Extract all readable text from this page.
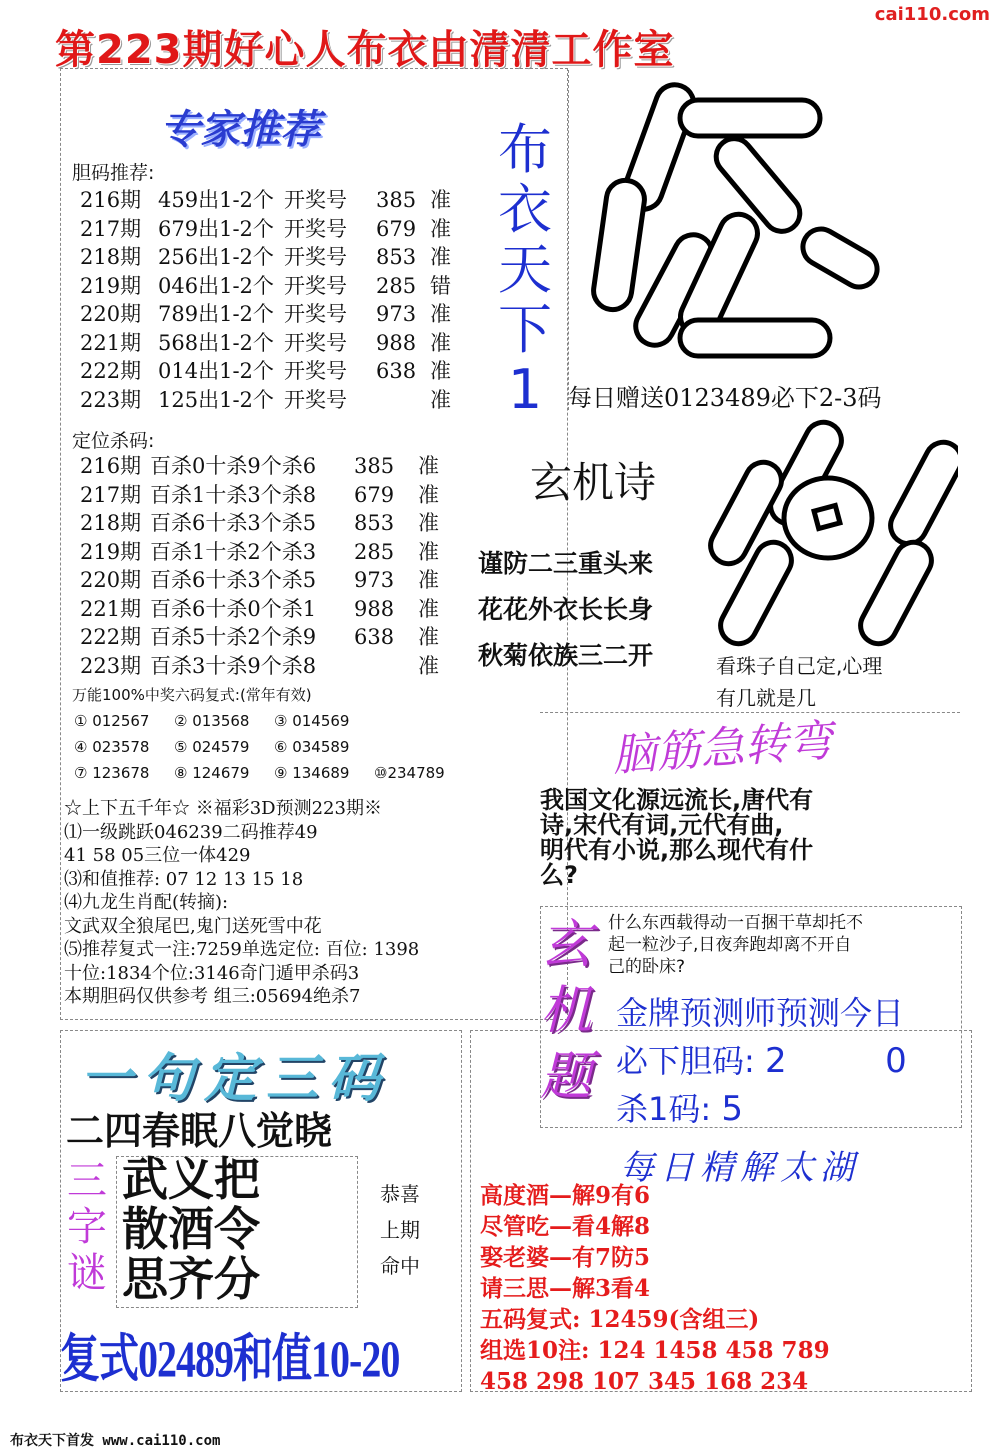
第223期好心人布衣由清清工作室
cai110.com
专家推荐
胆码推荐:
216期 459出1-2个 开奖号 385 准
217期 679出1-2个 开奖号 679 准
218期 256出1-2个 开奖号 853 准
219期 046出1-2个 开奖号 285 错
220期 789出1-2个 开奖号 973 准
221期 568出1-2个 开奖号 988 准
222期 014出1-2个 开奖号 638 准
223期 125出1-2个 开奖号	准
定位杀码:
216期 百杀0十杀9个杀6 385 准
217期 百杀1十杀3个杀8 679 准
218期 百杀6十杀3个杀5 853 准
219期 百杀1十杀2个杀3 285 准
220期 百杀6十杀3个杀5 973 准
221期 百杀6十杀0个杀1 988 准
222期 百杀5十杀2个杀9 638 准
223期 百杀3十杀9个杀8	准
万能100%中奖六码复式:(常年有效)
① 012567 ② 013568 ③ 014569
④ 023578 ⑤ 024579 ⑥ 034589
⑦ 123678 ⑧ 124679 ⑨ 134689 ⑩234789
☆上下五千年☆ ※福彩3D预测223期※
⑴一级跳跃046239二码推荐49
41 58 05三位一体429
⑶和值推荐: 07 12 13 15 18
⑷九龙生肖配(转摘):
文武双全狼尾巴,鬼门送死雪中花
⑸推荐复式一注:7259单选定位: 百位: 1398
十位:1834个位:3146奇门遁甲杀码3
本期胆码仅供参考 组三:05694绝杀7
布
衣
天
下
1	每日赠送0123489必下2-3码
玄机诗
谨防二三重头来
花花外衣长长身
秋菊依族三二开	看珠子自己定,心理
有几就是几
脑筋急转弯
我国文化源远流长,唐代有
诗,宋代有词,元代有曲,
明代有小说,那么现代有什
么?
玄
机
题
什么东西载得动一百捆干草却托不
起一粒沙子,日夜奔跑却离不开自
己的卧床?
金牌预测师预测今日
必下胆码: 2	0
杀1码: 5
每日精解太湖
高度酒—解9有6
尽管吃—看4解8
娶老婆—有7防5
请三思—解3看4
五码复式: 12459(含组三)
组选10注: 124 1458 458 789
458 298 107 345 168 234
一句定三码
二四春眠八觉晓
三
字
谜
武义把
散酒令
思齐分
恭喜
上期
命中
复式02489和值10-20
布衣天下首发 www.cai110.com
